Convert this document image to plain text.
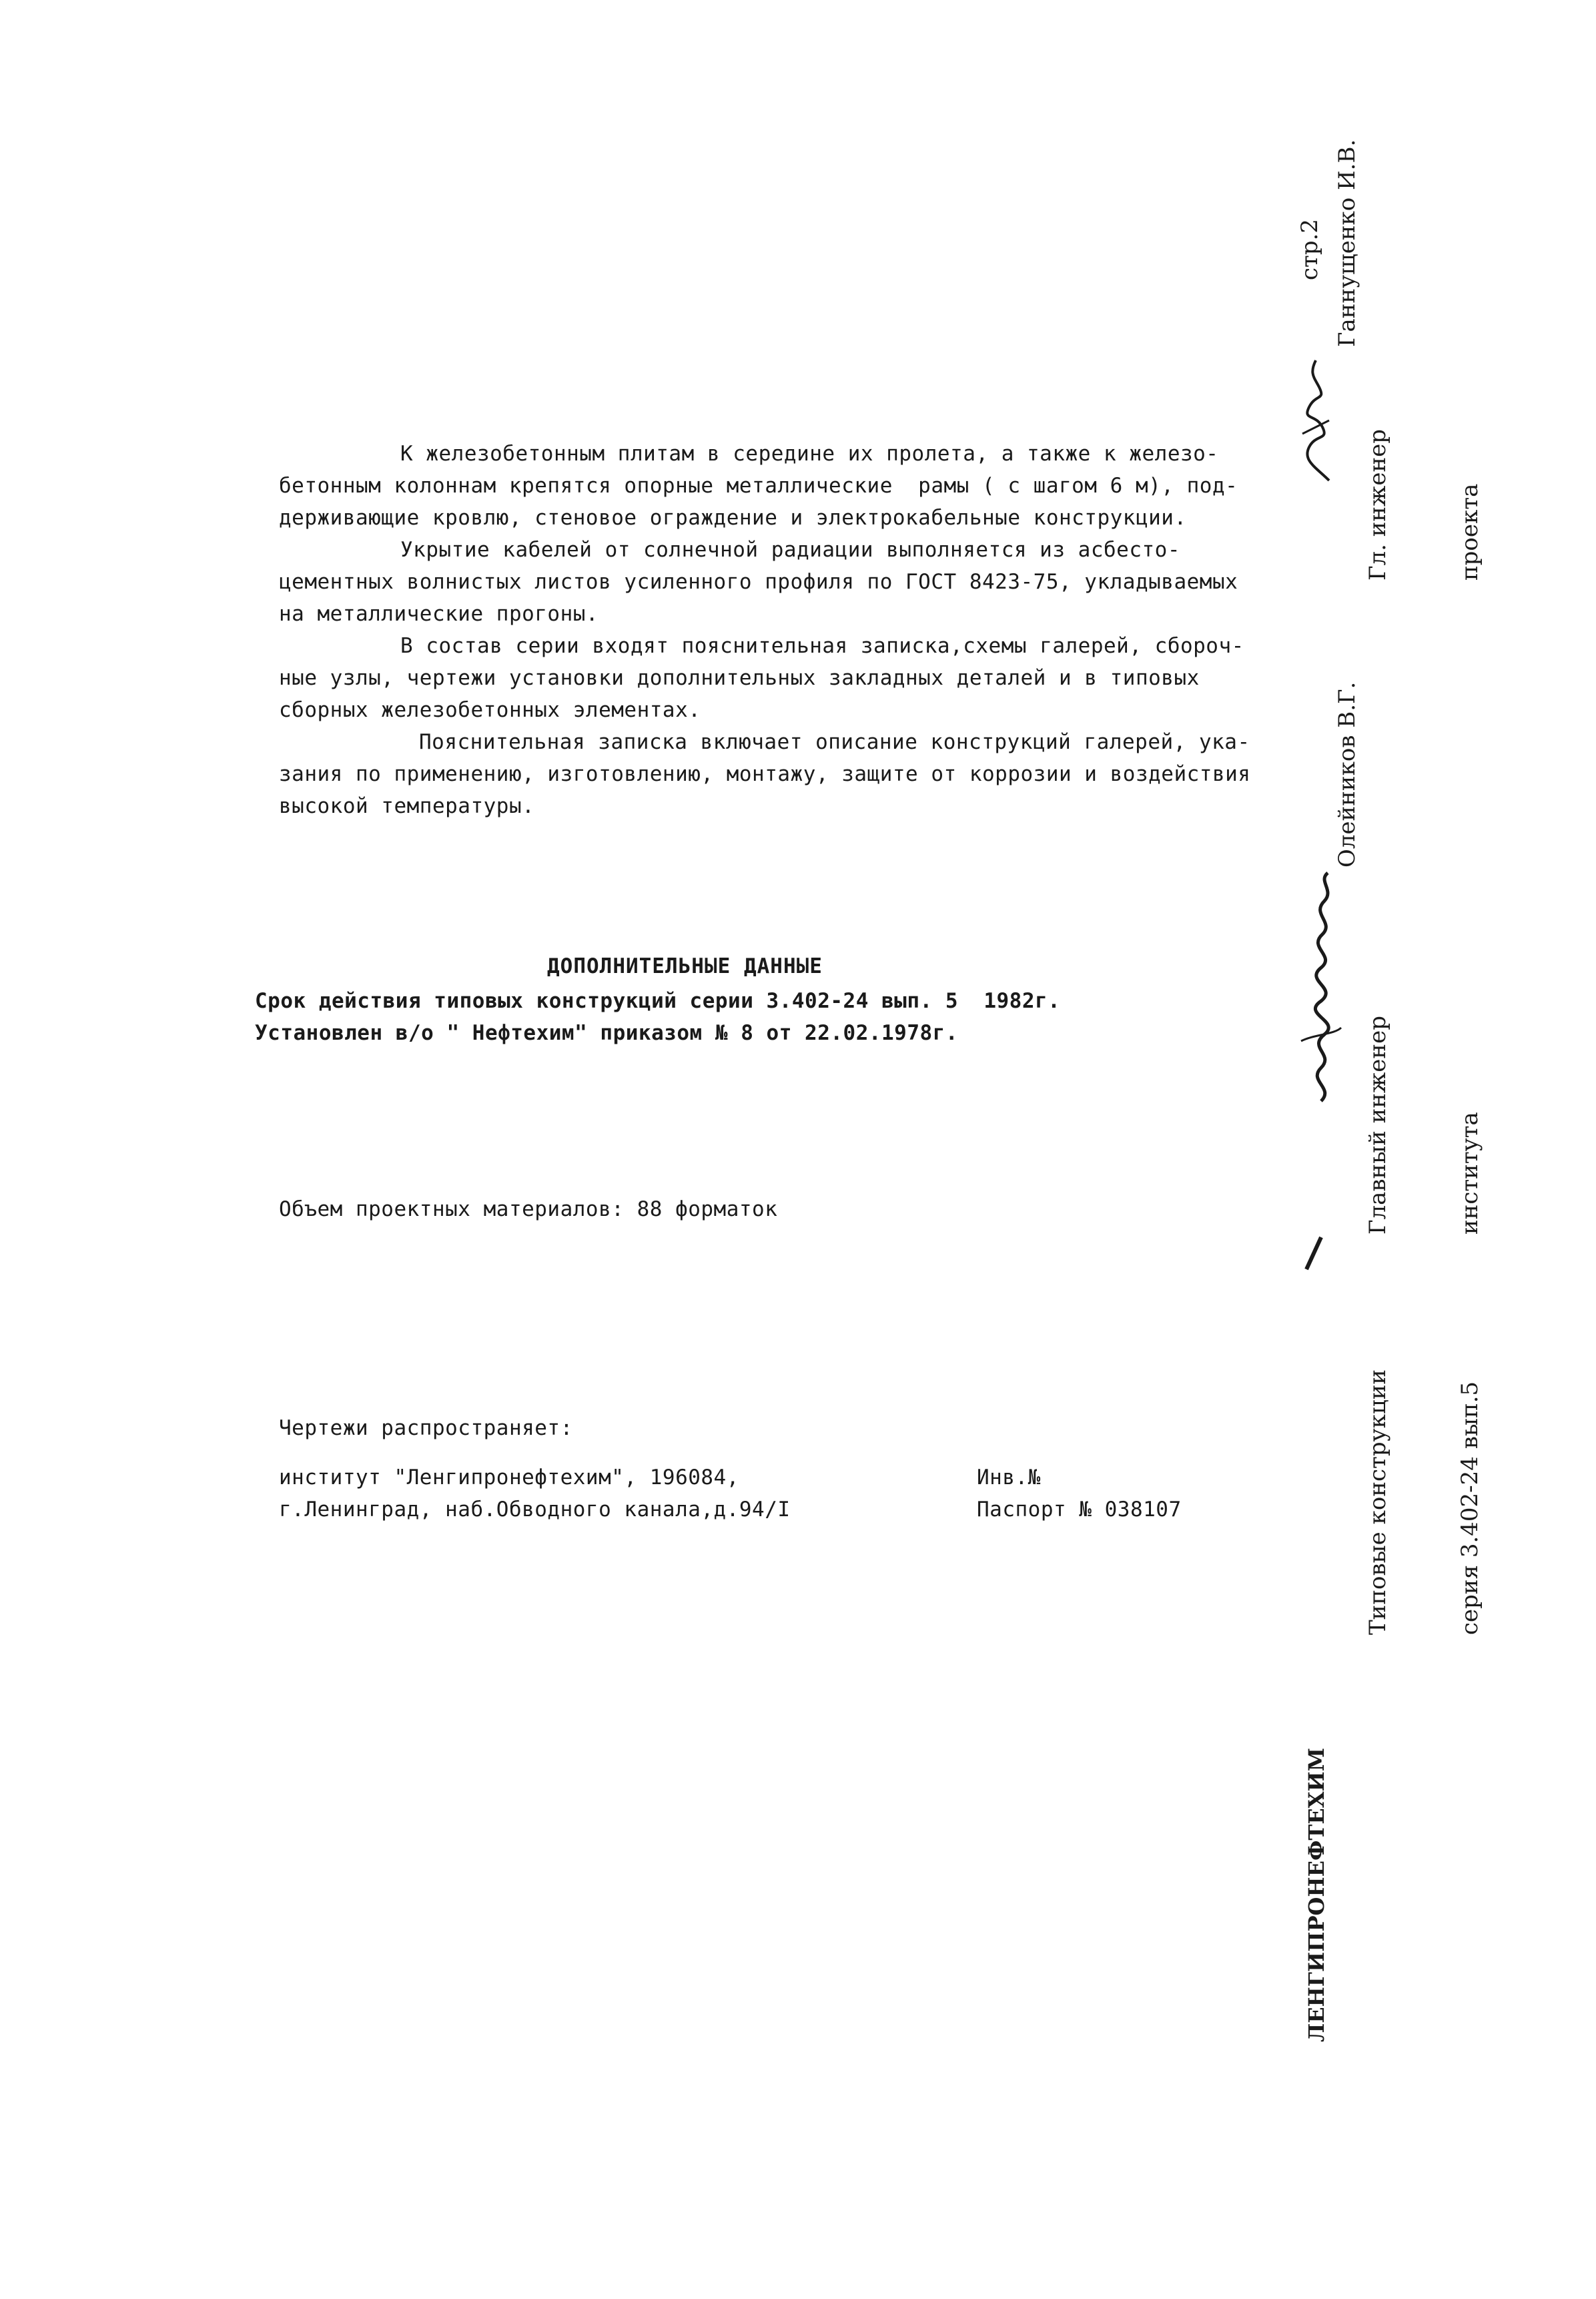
К железобетонным плитам в середине их пролета, а также к железо-
бетонным колоннам крепятся опорные металлические  рамы ( с шагом 6 м), под-
держивающие кровлю, стеновое ограждение и электрокабельные конструкции.
Укрытие кабелей от солнечной радиации выполняется из асбесто-
цементных волнистых листов усиленного профиля по ГОСТ 8423-75, укладываемых
на металлические прогоны.
В состав серии входят пояснительная записка,схемы галерей, сбороч-
ные узлы, чертежи установки дополнительных закладных деталей и в типовых
сборных железобетонных элементах.
Пояснительная записка включает описание конструкций галерей, ука-
зания по применению, изготовлению, монтажу, защите от коррозии и воздействия
высокой температуры.
ДОПОЛНИТЕЛЬНЫЕ ДАННЫЕ
Срок действия типовых конструкций серии 3.402-24 вып. 5  1982г.
Установлен в/о " Нефтехим" приказом № 8 от 22.02.1978г.
Объем проектных материалов: 88 форматок
Чертежи распространяет:
институт "Ленгипронефтехим", 196084,
г.Ленинград, наб.Обводного канала,д.94/I
Инв.№
Паспорт № 038107
стр.2 Ганнущенко И.В.

Гл. инженер

	проекта

Олейников В.Г.

Главный инженер

	института

Типовые конструкции

	серия 3.402-24 вып.5

ЛЕНГИПРОНЕФТЕХИМ
